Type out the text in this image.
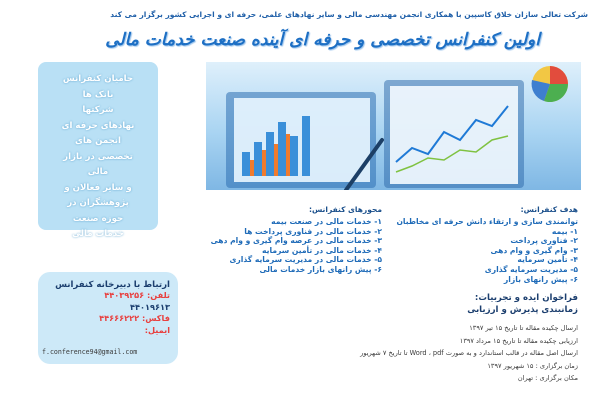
شرکت تعالی سازان خلاق کاسپین با همکاری انجمن مهندسی مالی و سایر نهادهای علمی، حرفه ای و اجرایی کشور برگزار می کند
اولین کنفرانس تخصصی و حرفه ای آینده صنعت خدمات مالی

حامیان کنفرانس

بانک ها

شرکتها

نهادهای حرفه ای

انجمن های

تخصصی در بازار

مالی

و سایر فعالان و

پژوهشگران در

حوزه صنعت

خدمات مالی

هدف کنفرانس:
توانمندی سازی و ارتقاء دانش حرفه ای مخاطبان
۱- بیمه
۲- فناوری پرداخت
۳- وام گیری و وام دهی
۴- تأمین سرمایه
۵- مدیریت سرمایه گذاری
۶- پیش رانهای بازار
محورهای کنفرانس:
۱- خدمات مالی در صنعت بیمه
۲- خدمات مالی در فناوری پرداخت ها
۳- خدمات مالی در عرصه وام گیری و وام دهی
۴- خدمات مالی در تأمین سرمایه
۵- خدمات مالی در مدیریت سرمایه گذاری
۶- پیش رانهای بازار خدمات مالی
ارتباط با دبیرخانه کنفرانس
تلفن: ۴۴۰۳۹۲۵۶
۴۴۰۱۹۶۱۳
فاکس: ۴۴۶۶۶۲۲۲
ایمیل:
f.conference94@gmail.com
فراخوان ایده و تجربیات:
زمانبندی پذیرش و ارزیابی
ارسال چکیده مقاله تا تاریخ ۱۵ تیر ۱۳۹۷
ارزیابی چکیده مقاله تا تاریخ ۱۵ مرداد ۱۳۹۷
ارسال اصل مقاله در قالب استاندارد و به صورت Word ، pdf تا تاریخ ۷ شهریور
زمان برگزاری : ۱۵ شهریور ۱۳۹۷
مکان برگزاری : تهران
